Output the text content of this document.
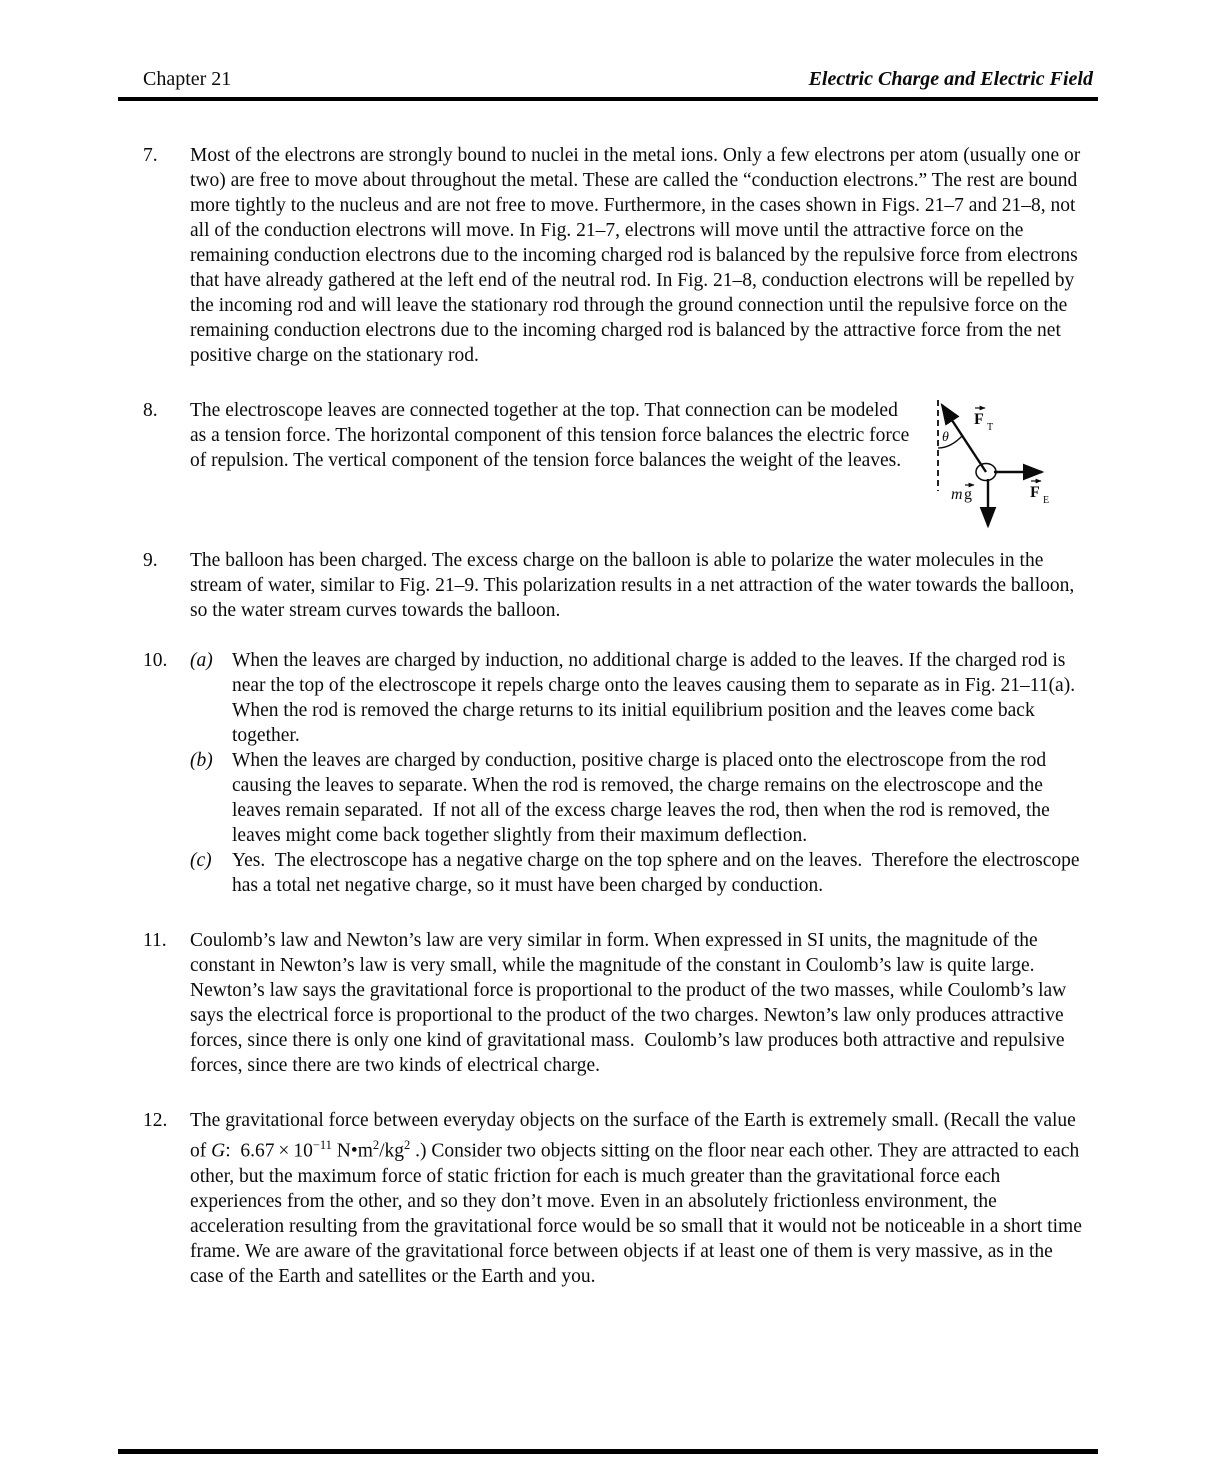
Chapter 21	Electric Charge and Electric Field
7.	Most of the electrons are strongly bound to nuclei in the metal ions. Only a few electrons per atom (usually one or two) are free to move about throughout the metal. These are called the “conduction electrons.” The rest are bound more tightly to the nucleus and are not free to move. Furthermore, in the cases shown in Figs. 21–7 and 21–8, not all of the conduction electrons will move. In Fig. 21–7, electrons will move until the attractive force on the remaining conduction electrons due to the incoming charged rod is balanced by the repulsive force from electrons that have already gathered at the left end of the neutral rod. In Fig. 21–8, conduction electrons will be repelled by the incoming rod and will leave the stationary rod through the ground connection until the repulsive force on the remaining conduction electrons due to the incoming charged rod is balanced by the attractive force from the net positive charge on the stationary rod.

8.	The electroscope leaves are connected together at the top. That connection can be modeled as a tension force. The horizontal component of this tension force balances the electric force of repulsion. The vertical component of the tension force balances the weight of the leaves.

θ
F T
F E
m g
9.	The balloon has been charged. The excess charge on the balloon is able to polarize the water molecules in the stream of water, similar to Fig. 21–9. This polarization results in a net attraction of the water towards the balloon, so the water stream curves towards the balloon.

10.	(a) When the leaves are charged by induction, no additional charge is added to the leaves. If the charged rod is near the top of the electroscope it repels charge onto the leaves causing them to separate as in Fig. 21–11(a). When the rod is removed the charge returns to its initial equilibrium position and the leaves come back together.

(b) When the leaves are charged by conduction, positive charge is placed onto the electroscope from the rod causing the leaves to separate. When the rod is removed, the charge remains on the electroscope and the leaves remain separated.  If not all of the excess charge leaves the rod, then when the rod is removed, the leaves might come back together slightly from their maximum deflection.

(c)	Yes.  The electroscope has a negative charge on the top sphere and on the leaves.  Therefore the electroscope has a total net negative charge, so it must have been charged by conduction.

11.	Coulomb’s law and Newton’s law are very similar in form. When expressed in SI units, the magnitude of the constant in Newton’s law is very small, while the magnitude of the constant in Coulomb’s law is quite large. Newton’s law says the gravitational force is proportional to the product of the two masses, while Coulomb’s law says the electrical force is proportional to the product of the two charges. Newton’s law only produces attractive forces, since there is only one kind of gravitational mass.  Coulomb’s law produces both attractive and repulsive forces, since there are two kinds of electrical charge.

12.	The gravitational force between everyday objects on the surface of the Earth is extremely small. (Recall the value of G:  $6.67 \times 10^{-11}$ $N•m^2/kg^2$ .) Consider two objects sitting on the floor near each other. They are attracted to each other, but the maximum force of static friction for each is much greater than the gravitational force each experiences from the other, and so they don’t move. Even in an absolutely frictionless environment, the acceleration resulting from the gravitational force would be so small that it would not be noticeable in a short time frame. We are aware of the gravitational force between objects if at least one of them is very massive, as in the case of the Earth and satellites or the Earth and you.
